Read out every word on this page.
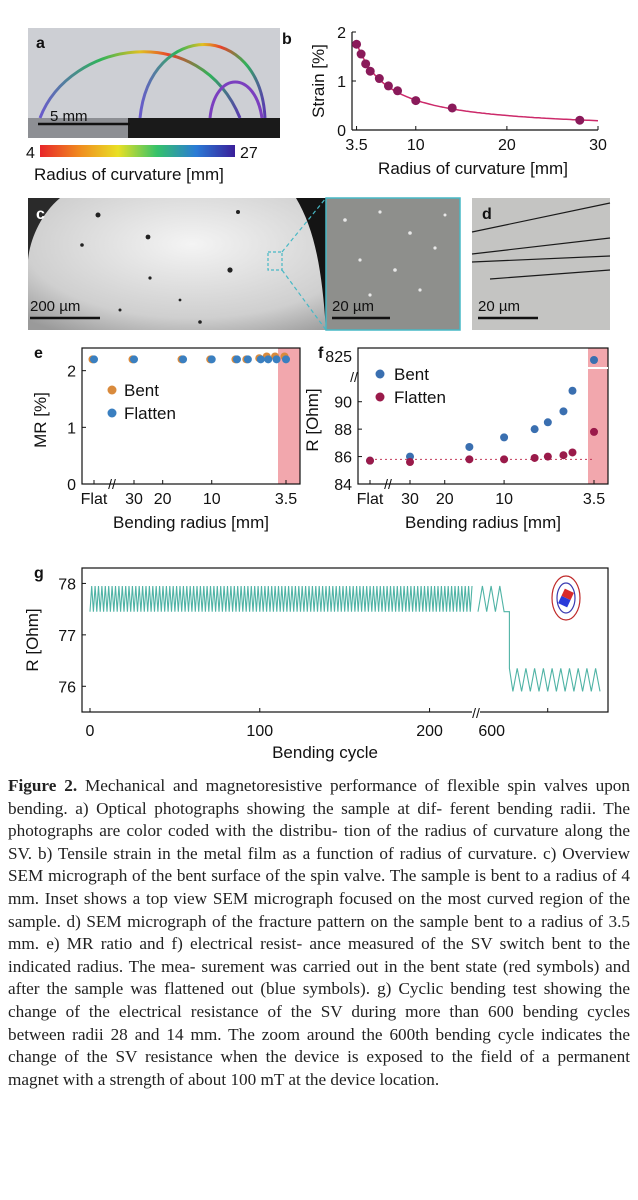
a
5 mm
4	27
Radius of curvature [mm]
b
3.5 10	20	30
0
1
2
Radius of curvature [mm]
Strain [%]
c
200 µm	20 µm
d
20 µm
e
//
Flat 30 20 10	3.5
0
1
2
Bending radius [mm]
MR [%]
Bent
Flatten
f
//
//
Flat 30 20	10	3.5
84
86
88
90
825
Bending radius [mm]
R [Ohm]
Bent
Flatten
g
//
0	100	200 600
76
77
78
Bending cycle
R [Ohm]
Figure 2. Mechanical and magnetoresistive performance of flexible spin valves upon bending. a) Optical photographs showing the sample at dif- ferent bending radii. The photographs are color coded with the distribu- tion of the radius of curvature along the SV. b) Tensile strain in the metal film as a function of radius of curvature. c) Overview SEM micrograph of the bent surface of the spin valve. The sample is bent to a radius of 4 mm. Inset shows a top view SEM micrograph focused on the most curved region of the sample. d) SEM micrograph of the fracture pattern on the sample bent to a radius of 3.5 mm. e) MR ratio and f) electrical resist- ance measured of the SV switch bent to the indicated radius. The mea- surement was carried out in the bent state (red symbols) and after the sample was flattened out (blue symbols). g) Cyclic bending test showing the change of the electrical resistance of the SV during more than 600 bending cycles between radii 28 and 14 mm. The zoom around the 600th bending cycle indicates the change of the SV resistance when the device is exposed to the field of a permanent magnet with a strength of about 100 mT at the device location.
